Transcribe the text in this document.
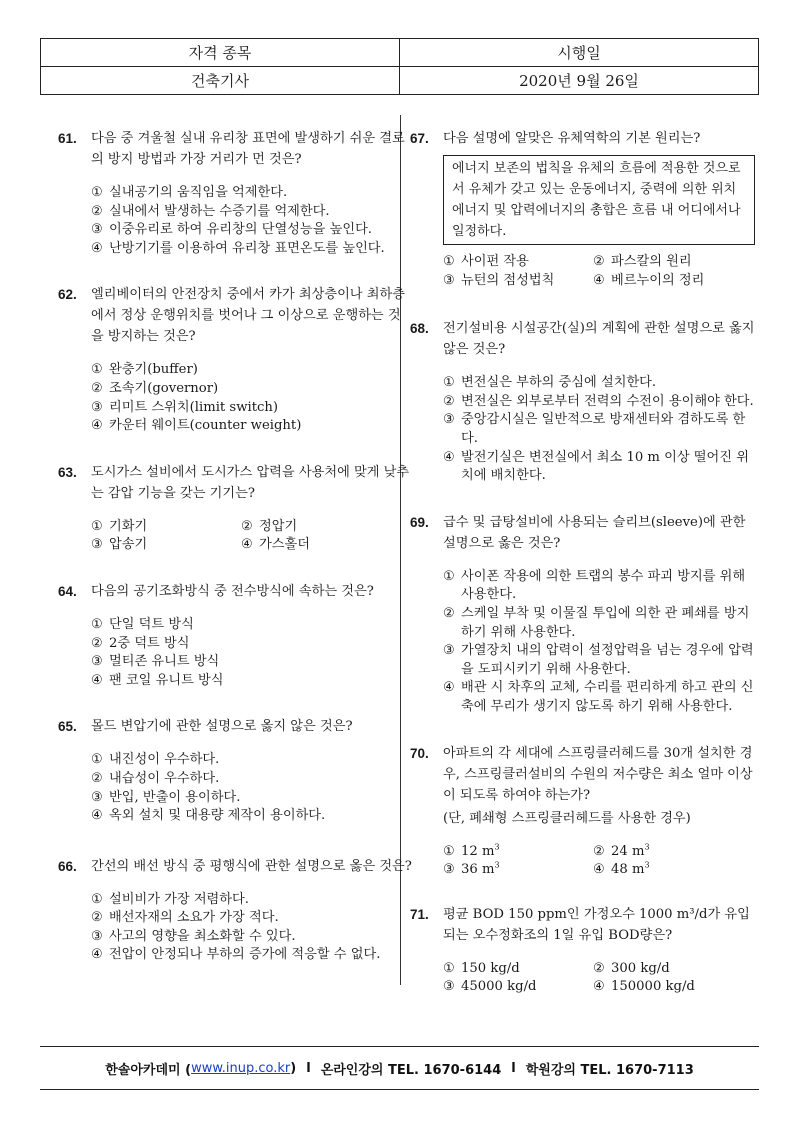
자격 종목	시행일
건축기사	2020년 9월 26일
61. 다음 중 겨울철 실내 유리창 표면에 발생하기 쉬운 결로의 방지 방법과 가장 거리가 먼 것은?
① 실내공기의 움직임을 억제한다.
② 실내에서 발생하는 수증기를 억제한다.
③ 이중유리로 하여 유리창의 단열성능을 높인다.
④ 난방기기를 이용하여 유리창 표면온도를 높인다.
62. 엘리베이터의 안전장치 중에서 카가 최상층이나 최하층에서 정상 운행위치를 벗어나 그 이상으로 운행하는 것을 방지하는 것은?
① 완충기(buffer)
② 조속기(governor)
③ 리미트 스위치(limit switch)
④ 카운터 웨이트(counter weight)
63. 도시가스 설비에서 도시가스 압력을 사용처에 맞게 낮추는 감압 기능을 갖는 기기는?
① 기화기	② 정압기
③ 압송기	④ 가스홀더
64. 다음의 공기조화방식 중 전수방식에 속하는 것은?
① 단일 덕트 방식
② 2중 덕트 방식
③ 멀티존 유니트 방식
④ 팬 코일 유니트 방식
65. 몰드 변압기에 관한 설명으로 옳지 않은 것은?
① 내진성이 우수하다.
② 내습성이 우수하다.
③ 반입, 반출이 용이하다.
④ 옥외 설치 및 대용량 제작이 용이하다.
66. 간선의 배선 방식 중 평행식에 관한 설명으로 옳은 것은?
① 설비비가 가장 저렴하다.
② 배선자재의 소요가 가장 적다.
③ 사고의 영향을 최소화할 수 있다.
④ 전압이 안정되나 부하의 증가에 적응할 수 없다.
67. 다음 설명에 알맞은 유체역학의 기본 원리는?
에너지 보존의 법칙을 유체의 흐름에 적용한 것으로서 유체가 갖고 있는 운동에너지, 중력에 의한 위치에너지 및 압력에너지의 총합은 흐름 내 어디에서나 일정하다.
① 사이펀 작용	② 파스칼의 원리
③ 뉴턴의 점성법칙	④ 베르누이의 정리
68. 전기설비용 시설공간(실)의 계획에 관한 설명으로 옳지 않은 것은?
① 변전실은 부하의 중심에 설치한다.
② 변전실은 외부로부터 전력의 수전이 용이해야 한다.
③ 중앙감시실은 일반적으로 방재센터와 겸하도록 한다.
④ 발전기실은 변전실에서 최소 10 m 이상 떨어진 위치에 배치한다.
69. 급수 및 급탕설비에 사용되는 슬리브(sleeve)에 관한 설명으로 옳은 것은?
① 사이폰 작용에 의한 트랩의 봉수 파괴 방지를 위해 사용한다.
② 스케일 부착 및 이물질 투입에 의한 관 폐쇄를 방지하기 위해 사용한다.
③ 가열장치 내의 압력이 설정압력을 넘는 경우에 압력을 도피시키기 위해 사용한다.
④ 배관 시 차후의 교체, 수리를 편리하게 하고 관의 신축에 무리가 생기지 않도록 하기 위해 사용한다.
70. 아파트의 각 세대에 스프링클러헤드를 30개 설치한 경우, 스프링클러설비의 수원의 저수량은 최소 얼마 이상이 되도록 하여야 하는가?
(단, 폐쇄형 스프링클러헤드를 사용한 경우)
① 12 $m^3$	② 24 $m^3$
③ 36 $m^3$	④ 48 $m^3$
71. 평균 BOD 150 ppm인 가정오수 1000 m³/d가 유입되는 오수정화조의 1일 유입 BOD량은?
① 150 kg/d	② 300 kg/d
③ 45000 kg/d	④ 150000 kg/d
한솔아카데미 ( www.inup.co.kr ) l 온라인강의 TEL. 1670-6144 l 학원강의 TEL. 1670-7113
